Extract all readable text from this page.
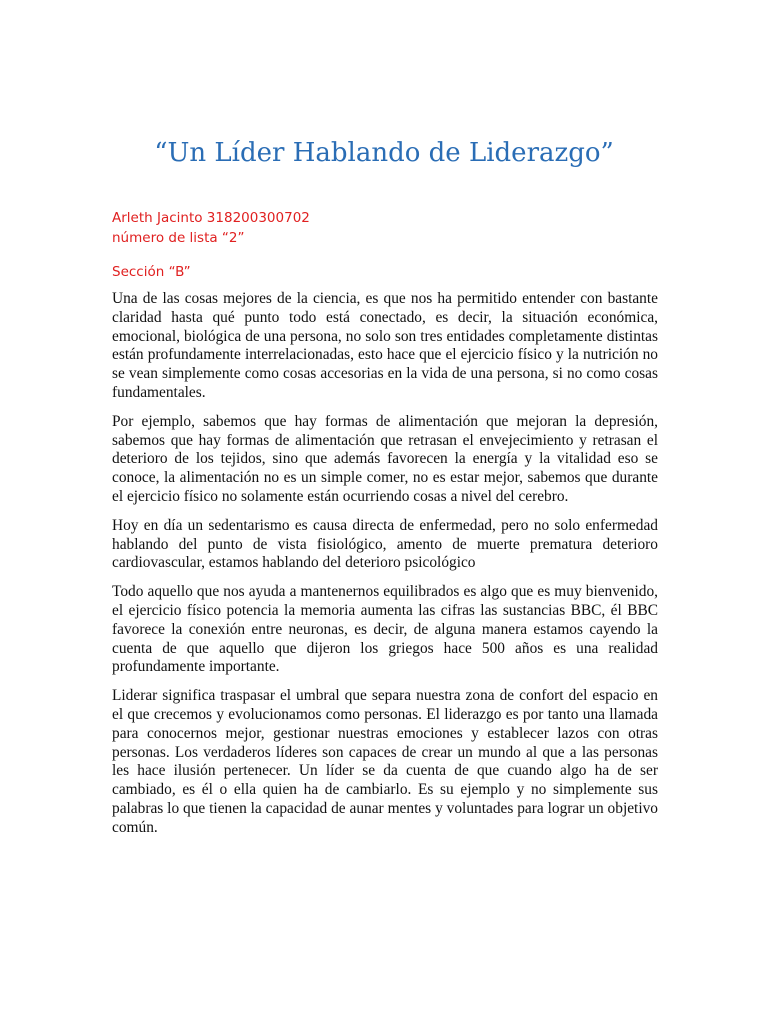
“Un Líder Hablando de Liderazgo”
Arleth Jacinto 318200300702
número de lista “2”
Sección “B”

Una de las cosas mejores de la ciencia, es que nos ha permitido entender con bastante claridad hasta qué punto todo está conectado, es decir, la situación económica, emocional, biológica de una persona, no solo son tres entidades completamente distintas están profundamente interrelacionadas, esto hace que el ejercicio físico y la nutrición no se vean simplemente como cosas accesorias en la vida de una persona, si no como cosas fundamentales.

Por ejemplo, sabemos que hay formas de alimentación que mejoran la depresión, sabemos que hay formas de alimentación que retrasan el envejecimiento y retrasan el deterioro de los tejidos, sino que además favorecen la energía y la vitalidad eso se conoce, la alimentación no es un simple comer, no es estar mejor, sabemos que durante el ejercicio físico no solamente están ocurriendo cosas a nivel del cerebro.

Hoy en día un sedentarismo es causa directa de enfermedad, pero no solo enfermedad hablando del punto de vista fisiológico, amento de muerte prematura deterioro cardiovascular, estamos hablando del deterioro psicológico

Todo aquello que nos ayuda a mantenernos equilibrados es algo que es muy bienvenido, el ejercicio físico potencia la memoria aumenta las cifras las sustancias BBC, él BBC favorece la conexión entre neuronas, es decir, de alguna manera estamos cayendo la cuenta de que aquello que dijeron los griegos hace 500 años es una realidad profundamente importante.

Liderar significa traspasar el umbral que separa nuestra zona de confort del espacio en el que crecemos y evolucionamos como personas. El liderazgo es por tanto una llamada para conocernos mejor, gestionar nuestras emociones y establecer lazos con otras personas. Los verdaderos líderes son capaces de crear un mundo al que a las personas les hace ilusión pertenecer. Un líder se da cuenta de que cuando algo ha de ser cambiado, es él o ella quien ha de cambiarlo. Es su ejemplo y no simplemente sus palabras lo que tienen la capacidad de aunar mentes y voluntades para lograr un objetivo común.
